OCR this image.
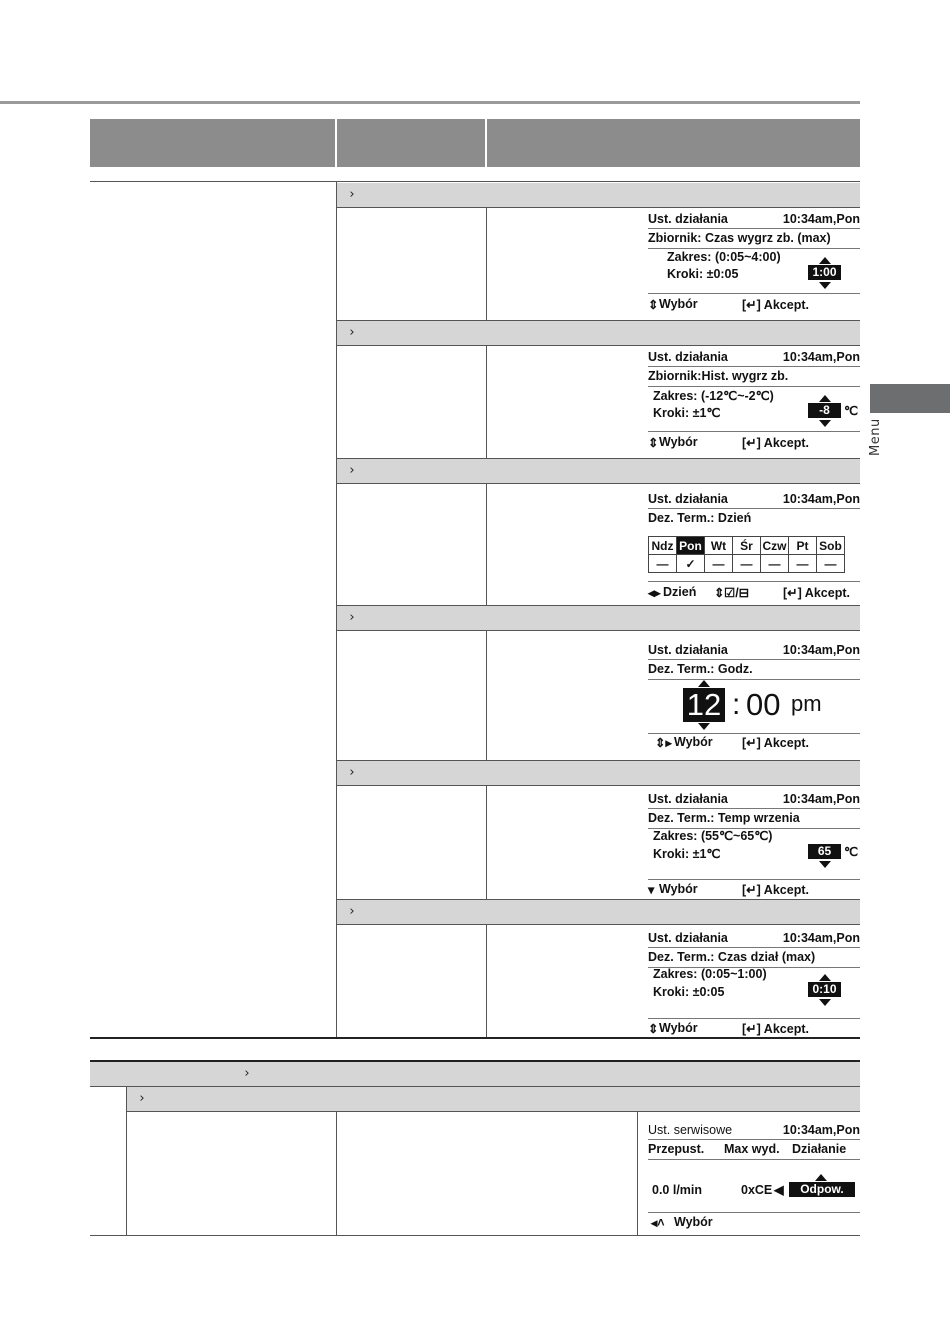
Menu
›
›
›
›
›
›
›
›
Ust. działania	10:34am,Pon
Zbiornik: Czas wygrz zb. (max)
Zakres: (0:05~4:00)
Kroki: ±0:05	1:00
⇕ Wybór	[↵] Akcept.
Ust. działania	10:34am,Pon
Zbiornik:Hist. wygrz zb.
Zakres: (-12℃~-2℃)
Kroki: ±1℃	-8	℃
⇕ Wybór	[↵] Akcept.
Ust. działania	10:34am,Pon
Dez. Term.: Dzień
Ndz	Pon	Wt	Śr	Czw	Pt	Sob
—	✓	—	—	—	—	—
◂▸ Dzień ⇕ ☑/⊟	[↵] Akcept.
Ust. działania	10:34am,Pon
Dez. Term.: Godz.
12 : 00 pm
⇕▸ Wybór [↵] Akcept.
Ust. działania	10:34am,Pon
Dez. Term.: Temp wrzenia
Zakres: (55℃~65℃)
Kroki: ±1℃	65	℃
▾ Wybór	[↵] Akcept.
Ust. działania	10:34am,Pon
Dez. Term.: Czas dział (max)
Zakres: (0:05~1:00)
Kroki: ±0:05	0:10
⇕ Wybór	[↵] Akcept.
Ust. serwisowe	10:34am,Pon
Przepust. Max wyd. Działanie
0.0 l/min	0xCE ◀	Odpow.
◂˄ Wybór
